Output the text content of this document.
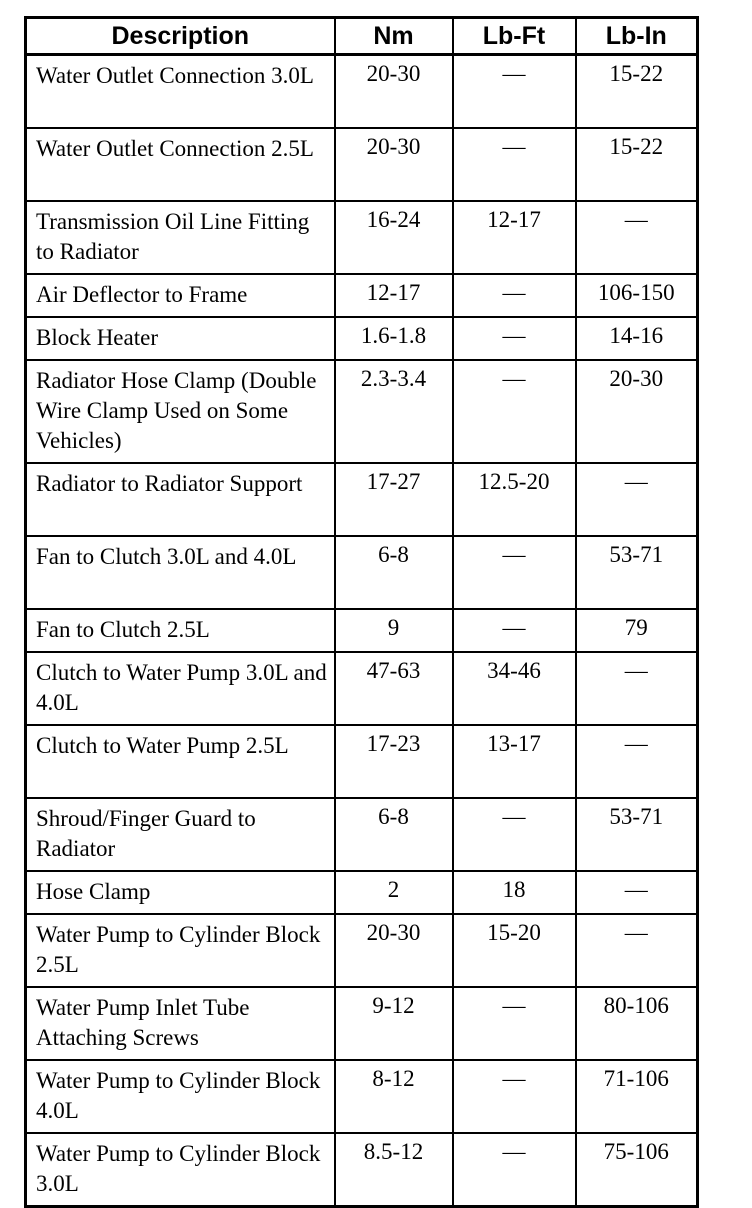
Description	Nm	Lb-Ft	Lb-In
Water Outlet Connection 3.0L	20-30	—	15-22
Water Outlet Connection 2.5L	20-30	—	15-22
Transmission Oil Line Fitting to Radiator	16-24	12-17	—
Air Deflector to Frame	12-17	—	106-150
Block Heater	1.6-1.8	—	14-16
Radiator Hose Clamp (Double Wire Clamp Used on Some Vehicles)	2.3-3.4	—	20-30
Radiator to Radiator Support	17-27	12.5-20	—
Fan to Clutch 3.0L and 4.0L	6-8	—	53-71
Fan to Clutch 2.5L	9	—	79
Clutch to Water Pump 3.0L and 4.0L	47-63	34-46	—
Clutch to Water Pump 2.5L	17-23	13-17	—
Shroud/Finger Guard to Radiator	6-8	—	53-71
Hose Clamp	2	18	—
Water Pump to Cylinder Block 2.5L	20-30	15-20	—
Water Pump Inlet Tube Attaching Screws	9-12	—	80-106
Water Pump to Cylinder Block 4.0L	8-12	—	71-106
Water Pump to Cylinder Block 3.0L	8.5-12	—	75-106
